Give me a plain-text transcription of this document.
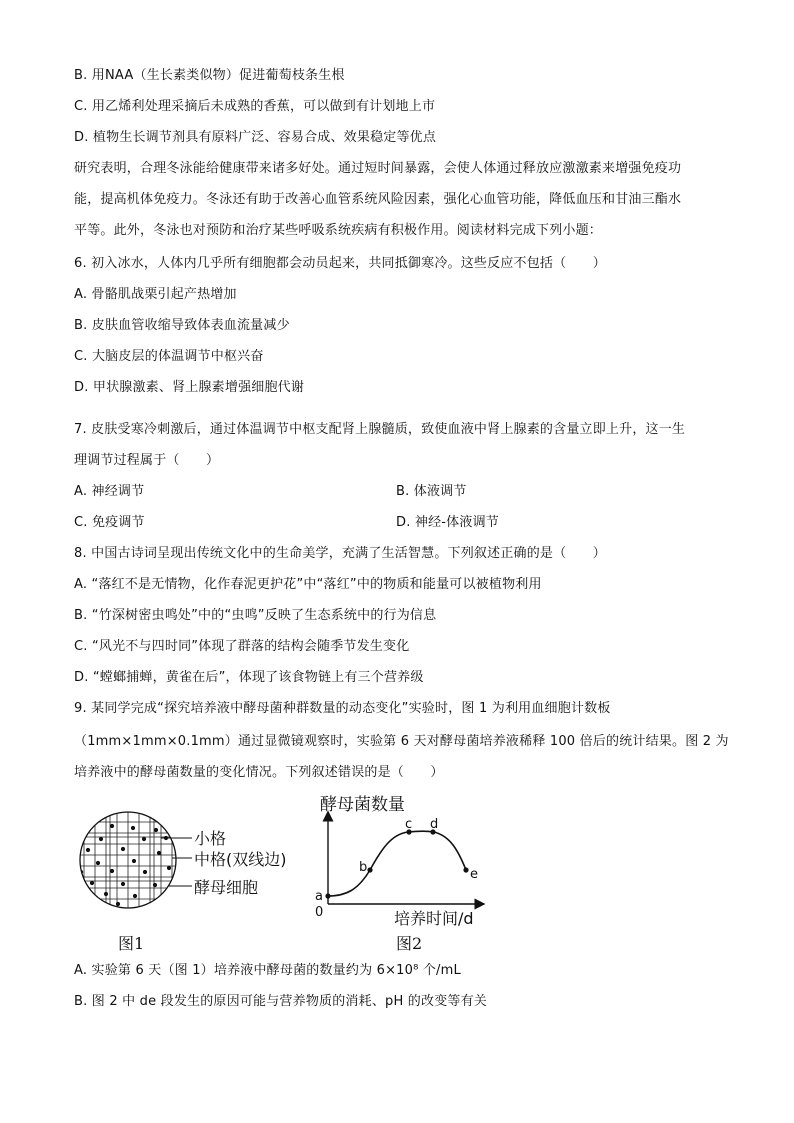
B. 用NAA（生长素类似物）促进葡萄枝条生根
C. 用乙烯利处理采摘后未成熟的香蕉，可以做到有计划地上市
D. 植物生长调节剂具有原料广泛、容易合成、效果稳定等优点
研究表明，合理冬泳能给健康带来诸多好处。通过短时间暴露，会使人体通过释放应激激素来增强免疫功
能，提高机体免疫力。冬泳还有助于改善心血管系统风险因素，强化心血管功能，降低血压和甘油三酯水
平等。此外，冬泳也对预防和治疗某些呼吸系统疾病有积极作用。阅读材料完成下列小题：
6. 初入冰水，人体内几乎所有细胞都会动员起来，共同抵御寒冷。这些反应不包括（　　）
A. 骨骼肌战栗引起产热增加
B. 皮肤血管收缩导致体表血流量减少
C. 大脑皮层的体温调节中枢兴奋
D. 甲状腺激素、肾上腺素增强细胞代谢
7. 皮肤受寒冷刺激后，通过体温调节中枢支配肾上腺髓质，致使血液中肾上腺素的含量立即上升，这一生
理调节过程属于（　　）
A. 神经调节	B. 体液调节
C. 免疫调节	D. 神经-体液调节
8. 中国古诗词呈现出传统文化中的生命美学，充满了生活智慧。下列叙述正确的是（　　）
A. “落红不是无情物，化作春泥更护花”中“落红”中的物质和能量可以被植物利用
B. “竹深树密虫鸣处”中的“虫鸣”反映了生态系统中的行为信息
C. “风光不与四时同”体现了群落的结构会随季节发生变化
D. “螳螂捕蝉，黄雀在后”，体现了该食物链上有三个营养级
9. 某同学完成“探究培养液中酵母菌种群数量的动态变化”实验时，图 1 为利用血细胞计数板
（1mm×1mm×0.1mm）通过显微镜观察时，实验第 6 天对酵母菌培养液稀释 100 倍后的统计结果。图 2 为
培养液中的酵母菌数量的变化情况。下列叙述错误的是（　　）
小格
中格(双线边)
酵母细胞
图1
酵母菌数量
0
a
b
c d
e
培养时间/d
图2
A. 实验第 6 天（图 1）培养液中酵母菌的数量约为 6×10⁸ 个/mL
B. 图 2 中 de 段发生的原因可能与营养物质的消耗、pH 的改变等有关
